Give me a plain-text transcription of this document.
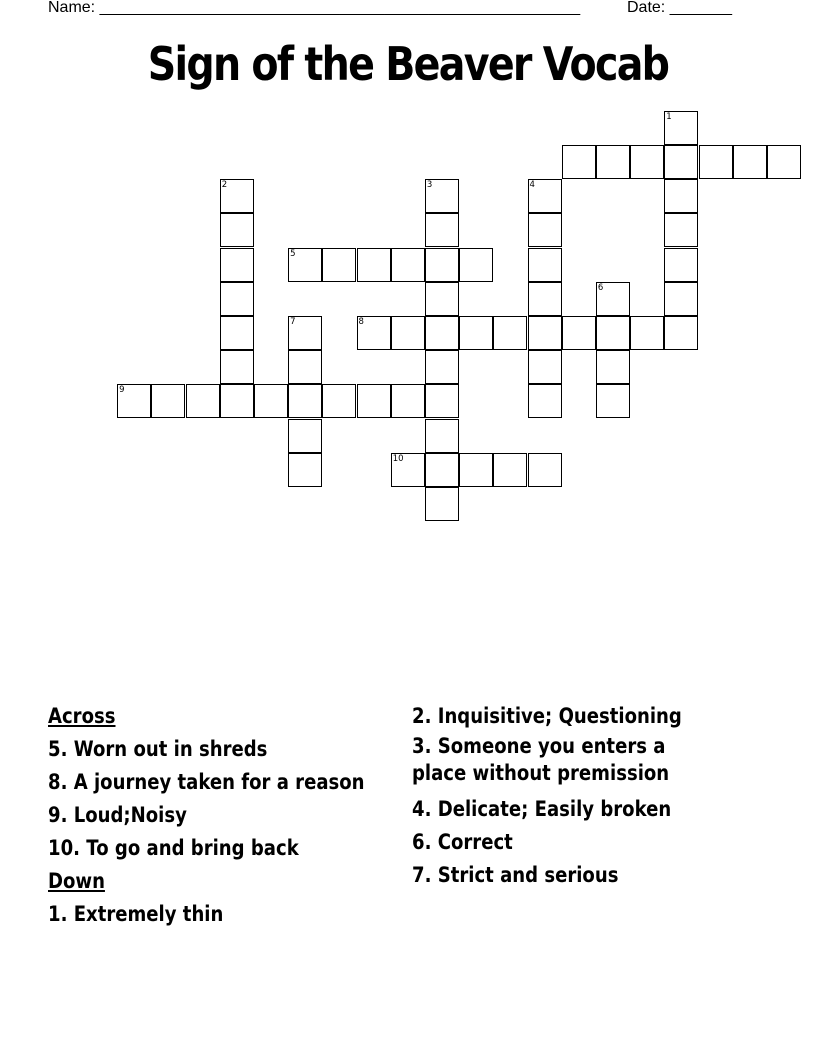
Name: ______________________________________________________	Date: _______
Sign of the Beaver Vocab
1
2	3	4
5
6
7	8
9
10
Across
5. Worn out in shreds
8. A journey taken for a reason
9. Loud;Noisy
10. To go and bring back
Down
1. Extremely thin
2. Inquisitive; Questioning
3. Someone you enters a place without premission
4. Delicate; Easily broken
6. Correct
7. Strict and serious
